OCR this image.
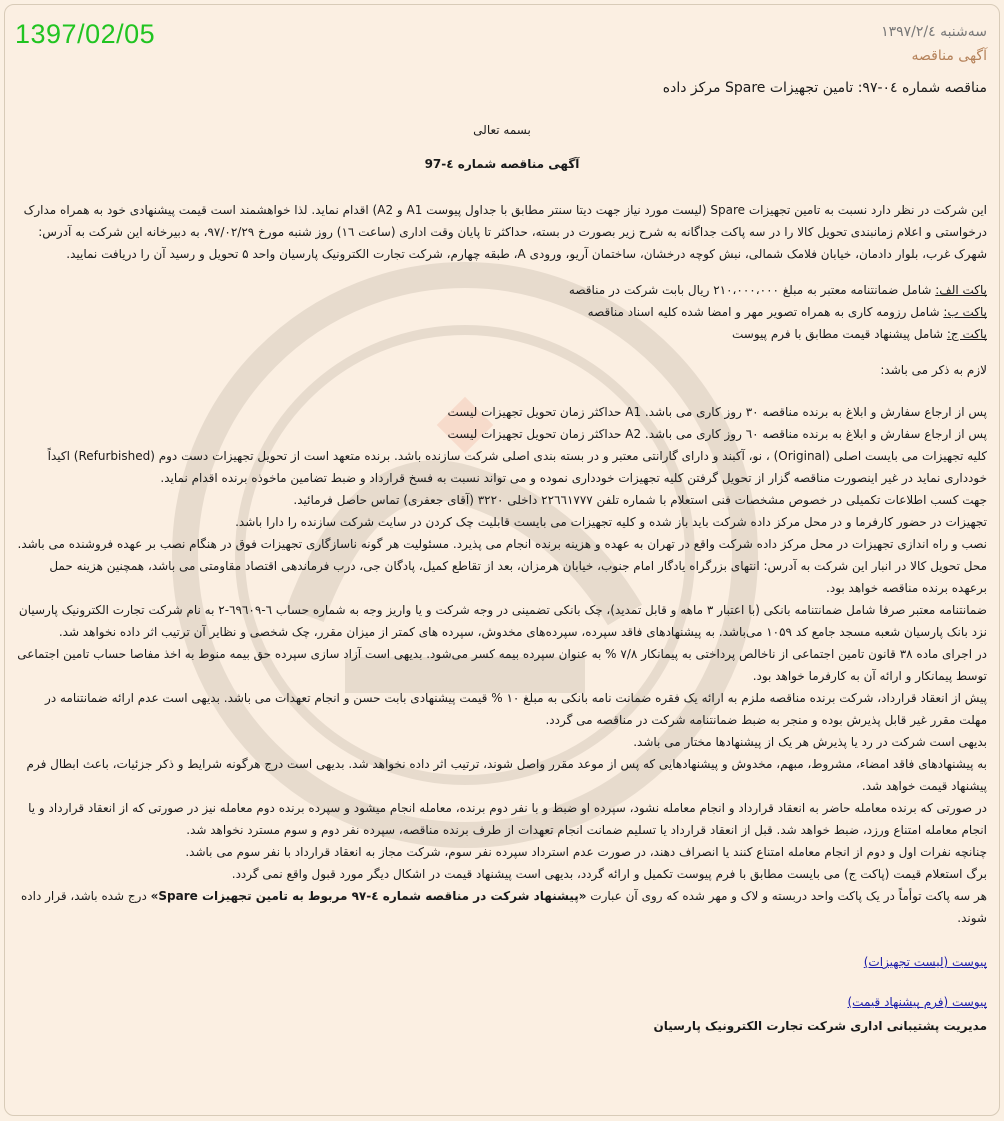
1397/02/05	سه‌شنبه ۱۳۹۷/۲/٤
آگهی مناقصه
مناقصه شماره ۰٤-۹۷: تامین تجهیزات Spare مرکز داده
بسمه تعالی
آگهی مناقصه شماره ٤-97

این شرکت در نظر دارد نسبت به تامین تجهیزات Spare (لیست مورد نیاز جهت دیتا سنتر مطابق با جداول پیوست A1 و A2) اقدام نماید. لذا خواهشمند است قیمت پیشنهادی خود به همراه مدارک درخواستی و اعلام زمانبندی تحویل کالا را در سه پاکت جداگانه به شرح زیر بصورت در بسته، حداکثر تا پایان وقت اداری (ساعت ١٦) روز شنبه مورخ ۹۷/۰۲/۲۹، به دبیرخانه این شرکت به آدرس: شهرک غرب، بلوار دادمان، خیابان فلامک شمالی، نبش کوچه درخشان، ساختمان آریو، ورودی A، طبقه چهارم، شرکت تجارت الکترونیک پارسیان واحد ۵ تحویل و رسید آن را دریافت نمایید.

پاکت الف: شامل ضمانتنامه معتبر به مبلغ ۲۱۰،۰۰۰،۰۰۰ ریال بابت شرکت در مناقصه

پاکت ب: شامل رزومه کاری به همراه تصویر مهر و امضا شده کلیه اسناد مناقصه

پاکت ج: شامل پیشنهاد قیمت مطابق با فرم پیوست

لازم به ذکر می باشد:

پس از ارجاع سفارش و ابلاغ به برنده مناقصه ۳۰ روز کاری می باشد. A1 حداکثر زمان تحویل تجهیزات لیست

پس از ارجاع سفارش و ابلاغ به برنده مناقصه ٦۰ روز کاری می باشد. A2 حداکثر زمان تحویل تجهیزات لیست

کلیه تجهیزات می بایست اصلی (Original) ، نو، آکبند و دارای گارانتی معتبر و در بسته بندی اصلی شرکت سازنده باشد. برنده متعهد است از تحویل تجهیزات دست دوم (Refurbished) اکیداً خودداری نماید در غیر اینصورت مناقصه گزار از تحویل گرفتن کلیه تجهیزات خودداری نموده و می تواند نسبت به فسخ قرارداد و ضبط تضامین ماخوذه برنده اقدام نماید.

جهت کسب اطلاعات تکمیلی در خصوص مشخصات فنی استعلام با شماره تلفن ۲۲٦٦۱۷۷۷ داخلی ۳۲۲۰ (آقای جعفری) تماس حاصل فرمائید.

تجهیزات در حضور کارفرما و در محل مرکز داده شرکت باید باز شده و کلیه تجهیزات می بایست قابلیت چک کردن در سایت شرکت سازنده را دارا باشد.

نصب و راه اندازی تجهیزات در محل مرکز داده شرکت واقع در تهران به عهده و هزینه برنده انجام می پذیرد. مسئولیت هر گونه ناسازگاری تجهیزات فوق در هنگام نصب بر عهده فروشنده می باشد.

محل تحویل کالا در انبار این شرکت به آدرس: انتهای بزرگراه یادگار امام جنوب، خیابان هرمزان، بعد از تقاطع کمیل، پادگان جی، درب فرماندهی اقتصاد مقاومتی می باشد، همچنین هزینه حمل برعهده برنده مناقصه خواهد بود.

ضمانتنامه معتبر صرفا شامل ضمانتنامه بانکی (با اعتبار ۳ ماهه و قابل تمدید)، چک بانکی تضمینی در وجه شرکت و یا واریز وجه به شماره حساب ٦-٦٩٦۰٩-۲ به نام شرکت تجارت الکترونیک پارسیان نزد بانک پارسیان شعبه مسجد جامع کد ١۰۵٩ می‌باشد. به پیشنهادهای فاقد سپرده، سپرده‌های مخدوش، سپرده های کمتر از میزان مقرر، چک شخصی و نظایر آن ترتیب اثر داده نخواهد شد.

در اجرای ماده ۳۸ قانون تامین اجتماعی از ناخالص پرداختی به پیمانکار ۷/۸ % به عنوان سپرده بیمه کسر می‌شود. بدیهی است آزاد سازی سپرده حق بیمه منوط به اخذ مفاصا حساب تامین اجتماعی توسط پیمانکار و ارائه آن به کارفرما خواهد بود.

پیش از انعقاد قرارداد، شرکت برنده مناقصه ملزم به ارائه یک فقره ضمانت نامه بانکی به مبلغ ۱۰ % قیمت پیشنهادی بابت حسن و انجام تعهدات می باشد. بدیهی است عدم ارائه ضمانتنامه در مهلت مقرر غیر قابل پذیرش بوده و منجر به ضبط ضمانتنامه شرکت در مناقصه می گردد.

بدیهی است شرکت در رد یا پذیرش هر یک از پیشنهادها مختار می باشد.

به پیشنهادهای فاقد امضاء، مشروط، مبهم، مخدوش و پیشنهادهایی که پس از موعد مقرر واصل شوند، ترتیب اثر داده نخواهد شد. بدیهی است درج هرگونه شرایط و ذکر جزئیات، باعث ابطال فرم پیشنهاد قیمت خواهد شد.

در صورتی که برنده معامله حاضر به انعقاد قرارداد و انجام معامله نشود، سپرده او ضبط و با نفر دوم برنده، معامله انجام میشود و سپرده برنده دوم معامله نیز در صورتی که از انعقاد قرارداد و یا انجام معامله امتناع ورزد، ضبط خواهد شد. قبل از انعقاد قرارداد یا تسلیم ضمانت انجام تعهدات از طرف برنده مناقصه، سپرده نفر دوم و سوم مسترد نخواهد شد.

چنانچه نفرات اول و دوم از انجام معامله امتناع کنند یا انصراف دهند، در صورت عدم استرداد سپرده نفر سوم، شرکت مجاز به انعقاد قرارداد با نفر سوم می باشد.

برگ استعلام قیمت (پاکت ج) می بایست مطابق با فرم پیوست تکمیل و ارائه گردد، بدیهی است پیشنهاد قیمت در اشکال دیگر مورد قبول واقع نمی گردد.

هر سه پاکت توأماً در یک پاکت واحد دربسته و لاک و مهر شده که روی آن عبارت «پیشنهاد شرکت در مناقصه شماره ٤-۹۷ مربوط به تامین تجهیزات Spare» درج شده باشد، قرار داده شوند.

پیوست (لیست تجهیزات)

پیوست (فرم پیشنهاد قیمت)

مدیریت پشتیبانی اداری شرکت تجارت الکترونیک پارسیان
